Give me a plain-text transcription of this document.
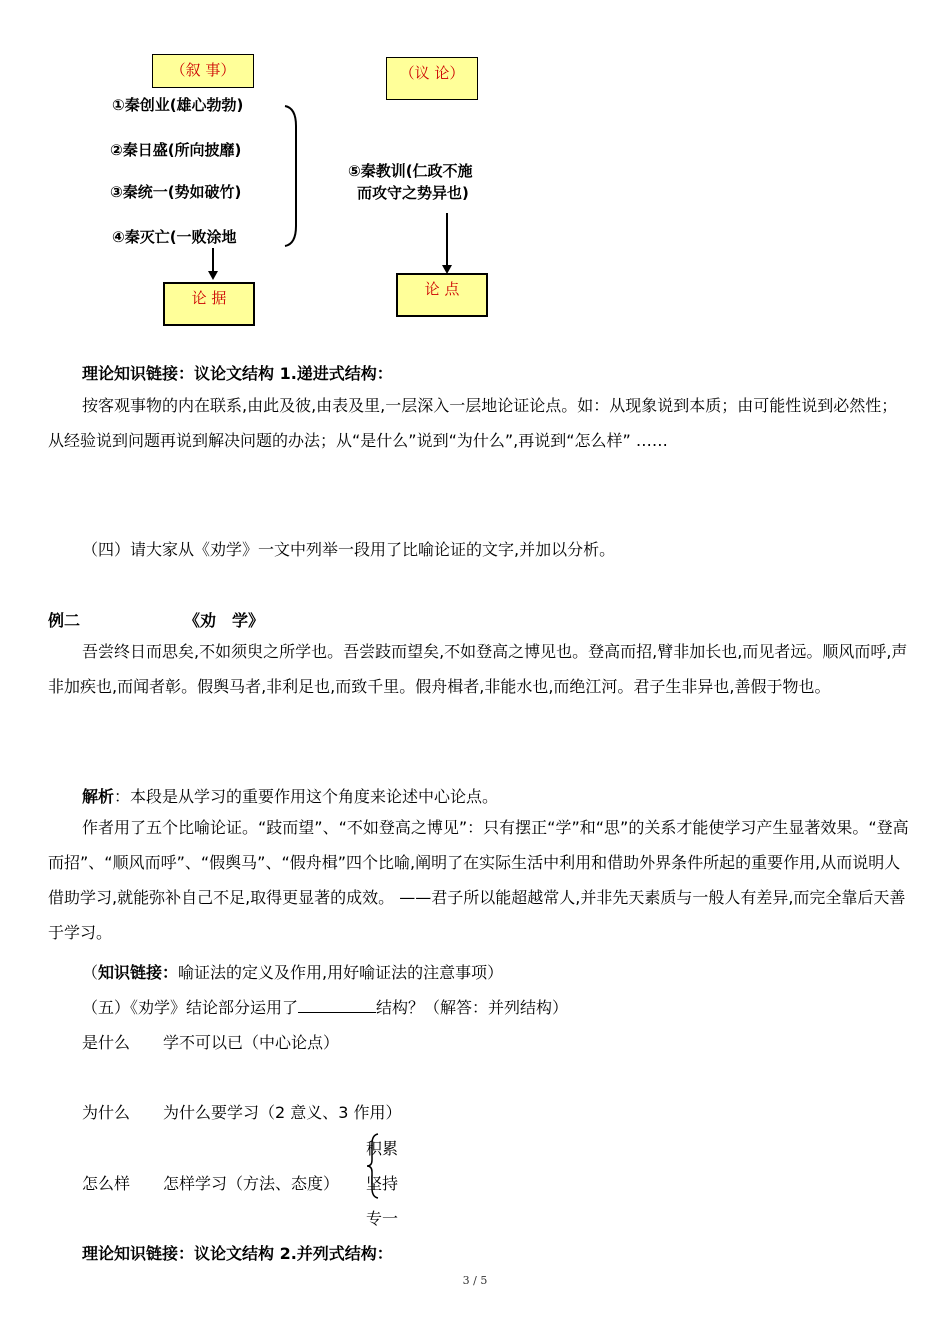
（叙 事）	（议 论）
①秦创业(雄心勃勃)
②秦日盛(所向披靡)
③秦统一(势如破竹)
④秦灭亡(一败涂地
⑤秦教训(仁政不施
而攻守之势异也)
论 据	论 点
理论知识链接：议论文结构 1.递进式结构：
按客观事物的内在联系,由此及彼,由表及里,一层深入一层地论证论点。如：从现象说到本质；由可能性说到必然性；从经验说到问题再说到解决问题的办法；从“是什么”说到“为什么”,再说到“怎么样” ……
（四）请大家从《劝学》一文中列举一段用了比喻论证的文字,并加以分析。
例二	《劝　学》
吾尝终日而思矣,不如须臾之所学也。吾尝跂而望矣,不如登高之博见也。登高而招,臂非加长也,而见者远。顺风而呼,声非加疾也,而闻者彰。假舆马者,非利足也,而致千里。假舟楫者,非能水也,而绝江河。君子生非异也,善假于物也。
解析：本段是从学习的重要作用这个角度来论述中心论点。
作者用了五个比喻论证。“跂而望”、“不如登高之博见”：只有摆正“学”和“思”的关系才能使学习产生显著效果。“登高而招”、“顺风而呼”、“假舆马”、“假舟楫”四个比喻,阐明了在实际生活中利用和借助外界条件所起的重要作用,从而说明人借助学习,就能弥补自己不足,取得更显著的成效。 ——君子所以能超越常人,并非先天素质与一般人有差异,而完全靠后天善于学习。
（知识链接：喻证法的定义及作用,用好喻证法的注意事项）
（五）《劝学》结论部分运用了	结构？（解答：并列结构）
是什么 学不可以已（中心论点）
为什么 为什么要学习（2 意义、3 作用）
怎么样 怎样学习（方法、态度）
积累
坚持
专一
理论知识链接：议论文结构 2.并列式结构：
3 / 5
